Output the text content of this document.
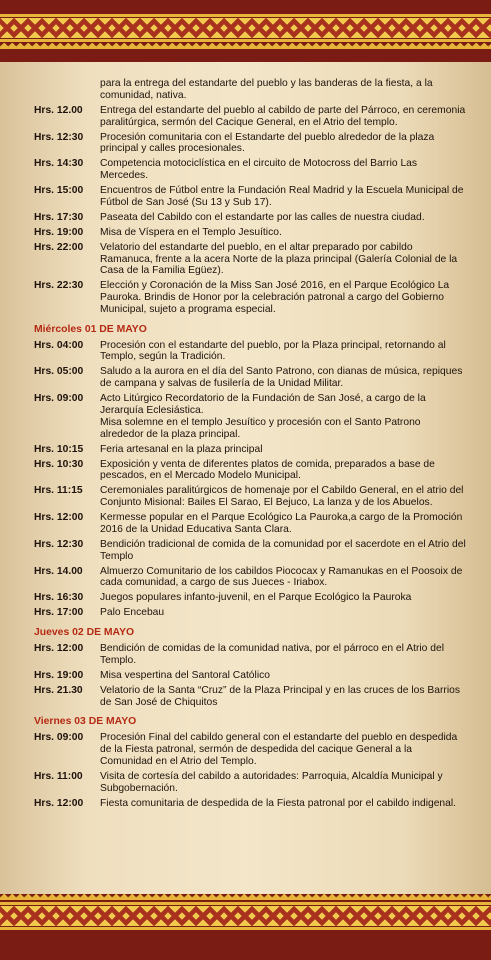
para la entrega del estandarte del pueblo y las banderas de la fiesta, a la comunidad, nativa.
Hrs. 12.00	Entrega del estandarte del pueblo al cabildo de parte del Párroco, en ceremonia paralitúrgica, sermón del Cacique General, en el Atrio del templo.
Hrs. 12:30	Procesión comunitaria con el Estandarte del pueblo alrededor de la plaza principal y calles procesionales.
Hrs. 14:30	Competencia motociclística en el circuito de Motocross del Barrio Las Mercedes.
Hrs. 15:00	Encuentros de Fútbol entre la Fundación Real Madrid y la Escuela Municipal de Fútbol de San José (Su 13 y Sub 17).
Hrs. 17:30	Paseata del Cabildo con el estandarte por las calles de nuestra ciudad.
Hrs. 19:00	Misa de Víspera en el Templo Jesuítico.
Hrs. 22:00	Velatorio del estandarte del pueblo, en el altar preparado por cabildo Ramanuca, frente a la acera Norte de la plaza principal (Galería Colonial de la Casa de la Familia Egüez).
Hrs. 22:30	Elección y Coronación de la Miss San José 2016, en el Parque Ecológico La Pauroka. Brindis de Honor por la celebración patronal a cargo del Gobierno Municipal, sujeto a programa especial.
Miércoles 01 DE MAYO
Hrs. 04:00	Procesión con el estandarte del pueblo, por la Plaza principal, retornando al Templo, según la Tradición.
Hrs. 05:00	Saludo a la aurora en el día del Santo Patrono, con dianas de música, repiques de campana y salvas de fusilería de la Unidad Militar.
Hrs. 09:00	Acto Litúrgico Recordatorio de la Fundación de San José, a cargo de la Jerarquía Eclesiástica.
Misa solemne en el templo Jesuítico y procesión con el Santo Patrono alrededor de la plaza principal.
Hrs. 10:15	Feria artesanal en la plaza principal
Hrs. 10:30	Exposición y venta de diferentes platos de comida, preparados a base de pescados, en el Mercado Modelo Municipal.
Hrs. 11:15	Ceremoniales paralitúrgicos de homenaje por el Cabildo General, en el atrio del Conjunto Misional: Bailes El Sarao, El Bejuco, La lanza y de los Abuelos.
Hrs. 12:00	Kermesse popular en el Parque Ecológico La Pauroka,a cargo de la Promoción 2016 de la Unidad Educativa Santa Clara.
Hrs. 12:30	Bendición tradicional de comida de la comunidad por el sacerdote en el Atrio del Templo
Hrs. 14.00	Almuerzo Comunitario de los cabildos Piococax y Ramanukas en el Poosoix de cada comunidad, a cargo de sus Jueces - Iriabox.
Hrs. 16:30	Juegos populares infanto-juvenil, en el Parque Ecológico la Pauroka
Hrs. 17:00	Palo Encebau
Jueves 02 DE MAYO
Hrs. 12:00	Bendición de comidas de la comunidad nativa, por el párroco en el Atrio del Templo.
Hrs. 19:00	Misa vespertina del Santoral Católico
Hrs. 21.30	Velatorio de la Santa “Cruz” de la Plaza Principal y en las cruces de los Barrios de San José de Chiquitos
Viernes 03 DE MAYO
Hrs. 09:00	Procesión Final del cabildo general con el estandarte del pueblo en despedida de la Fiesta patronal, sermón de despedida del cacique General a la Comunidad en el Atrio del Templo.
Hrs. 11:00	Visita de cortesía del cabildo a autoridades: Parroquia, Alcaldía Municipal y Subgobernación.
Hrs. 12:00	Fiesta comunitaria de despedida de la Fiesta patronal por el cabildo indigenal.
